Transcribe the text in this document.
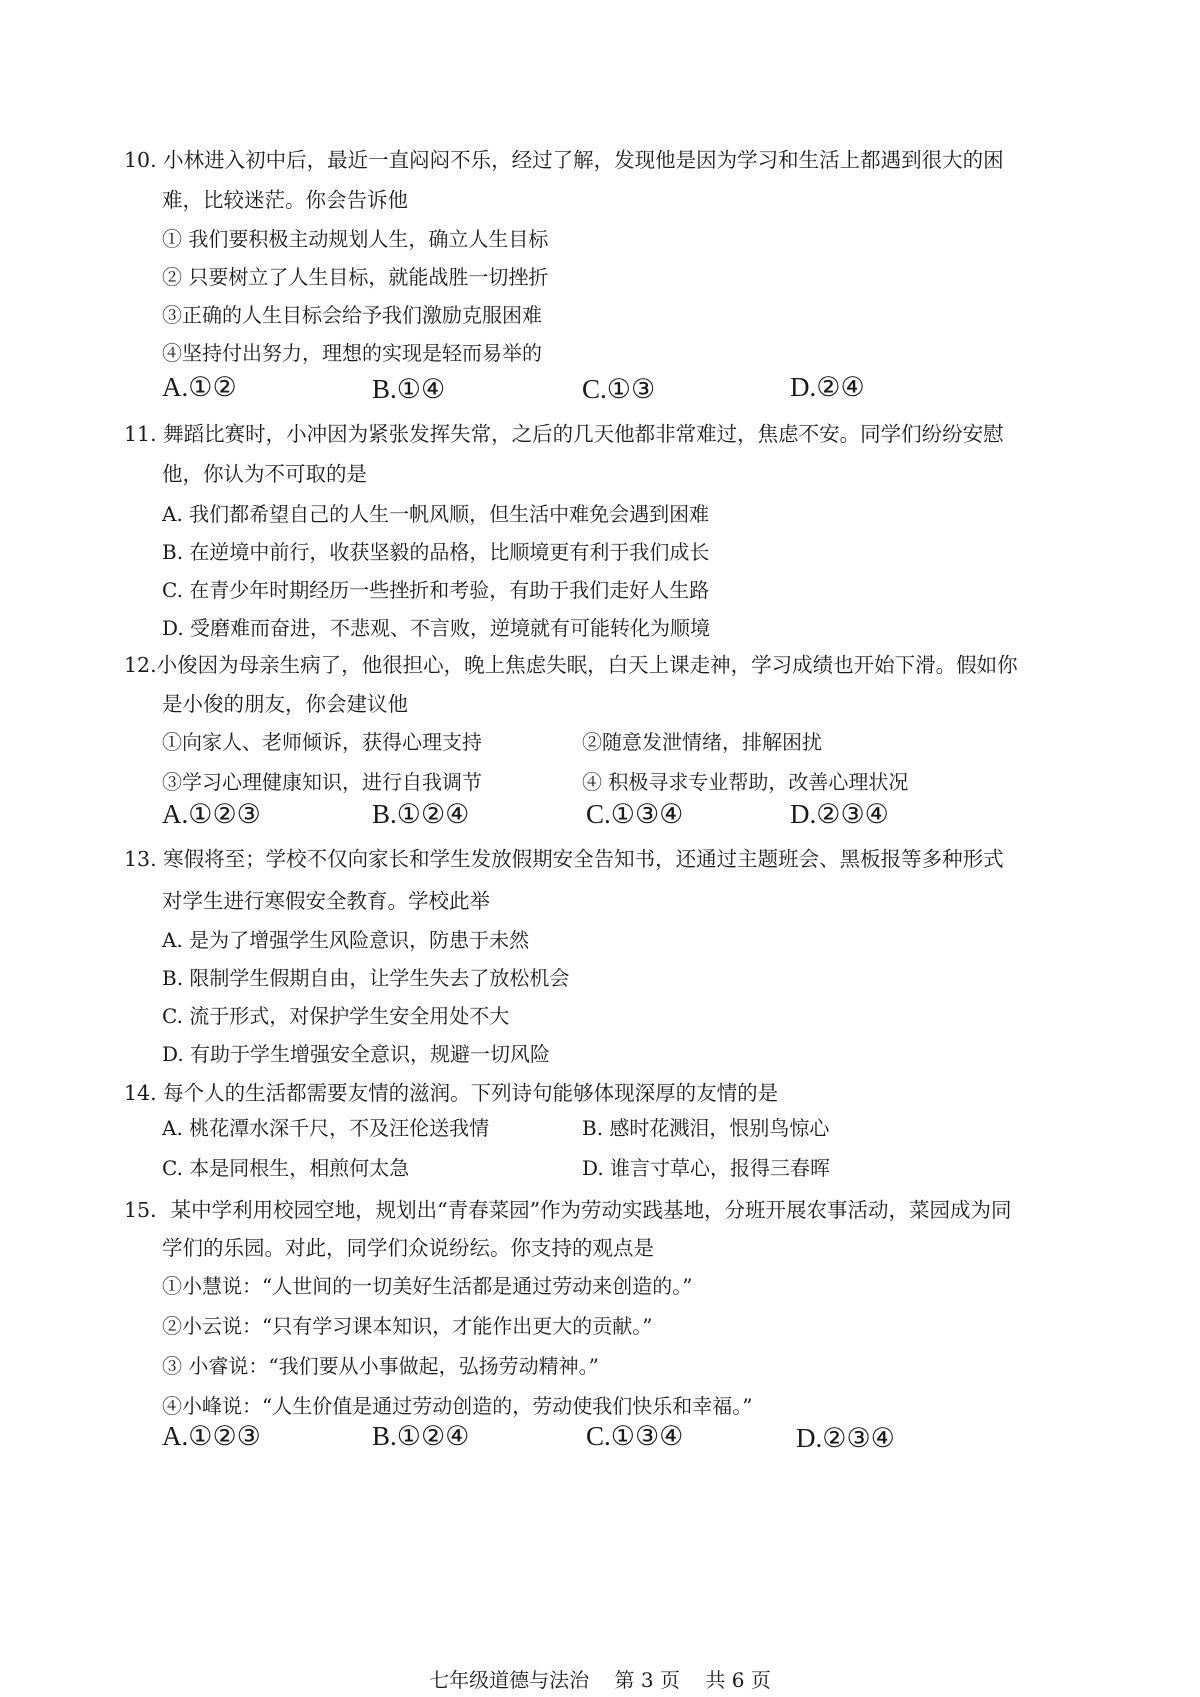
10. 小林进入初中后，最近一直闷闷不乐，经过了解，发现他是因为学习和生活上都遇到很大的困
难，比较迷茫。你会告诉他
① 我们要积极主动规划人生，确立人生目标
② 只要树立了人生目标，就能战胜一切挫折
③正确的人生目标会给予我们激励克服困难
④坚持付出努力，理想的实现是轻而易举的
A.①②	B.①④	C.①③	D.②④
11. 舞蹈比赛时，小冲因为紧张发挥失常，之后的几天他都非常难过，焦虑不安。同学们纷纷安慰
他，你认为不可取的是
A. 我们都希望自己的人生一帆风顺，但生活中难免会遇到困难
B. 在逆境中前行，收获坚毅的品格，比顺境更有利于我们成长
C. 在青少年时期经历一些挫折和考验，有助于我们走好人生路
D. 受磨难而奋进，不悲观、不言败，逆境就有可能转化为顺境
12.小俊因为母亲生病了，他很担心，晚上焦虑失眠，白天上课走神，学习成绩也开始下滑。假如你
是小俊的朋友，你会建议他
①向家人、老师倾诉，获得心理支持	②随意发泄情绪，排解困扰
③学习心理健康知识，进行自我调节	④ 积极寻求专业帮助，改善心理状况
A.①②③	B.①②④	C.①③④	D.②③④
13. 寒假将至；学校不仅向家长和学生发放假期安全告知书，还通过主题班会、黑板报等多种形式
对学生进行寒假安全教育。学校此举
A. 是为了增强学生风险意识，防患于未然
B. 限制学生假期自由，让学生失去了放松机会
C. 流于形式，对保护学生安全用处不大
D. 有助于学生增强安全意识，规避一切风险
14. 每个人的生活都需要友情的滋润。下列诗句能够体现深厚的友情的是
A. 桃花潭水深千尺，不及汪伦送我情	B. 感时花溅泪，恨别鸟惊心
C. 本是同根生，相煎何太急	D. 谁言寸草心，报得三春晖
15．某中学利用校园空地，规划出“青春菜园”作为劳动实践基地，分班开展农事活动，菜园成为同
学们的乐园。对此，同学们众说纷纭。你支持的观点是
①小慧说：“人世间的一切美好生活都是通过劳动来创造的。”
②小云说：“只有学习课本知识，才能作出更大的贡献。”
③ 小睿说：“我们要从小事做起，弘扬劳动精神。”
④小峰说：“人生价值是通过劳动创造的，劳动使我们快乐和幸福。”
A.①②③	B.①②④	C.①③④	D.②③④
七年级道德与法治    第 3 页    共 6 页
